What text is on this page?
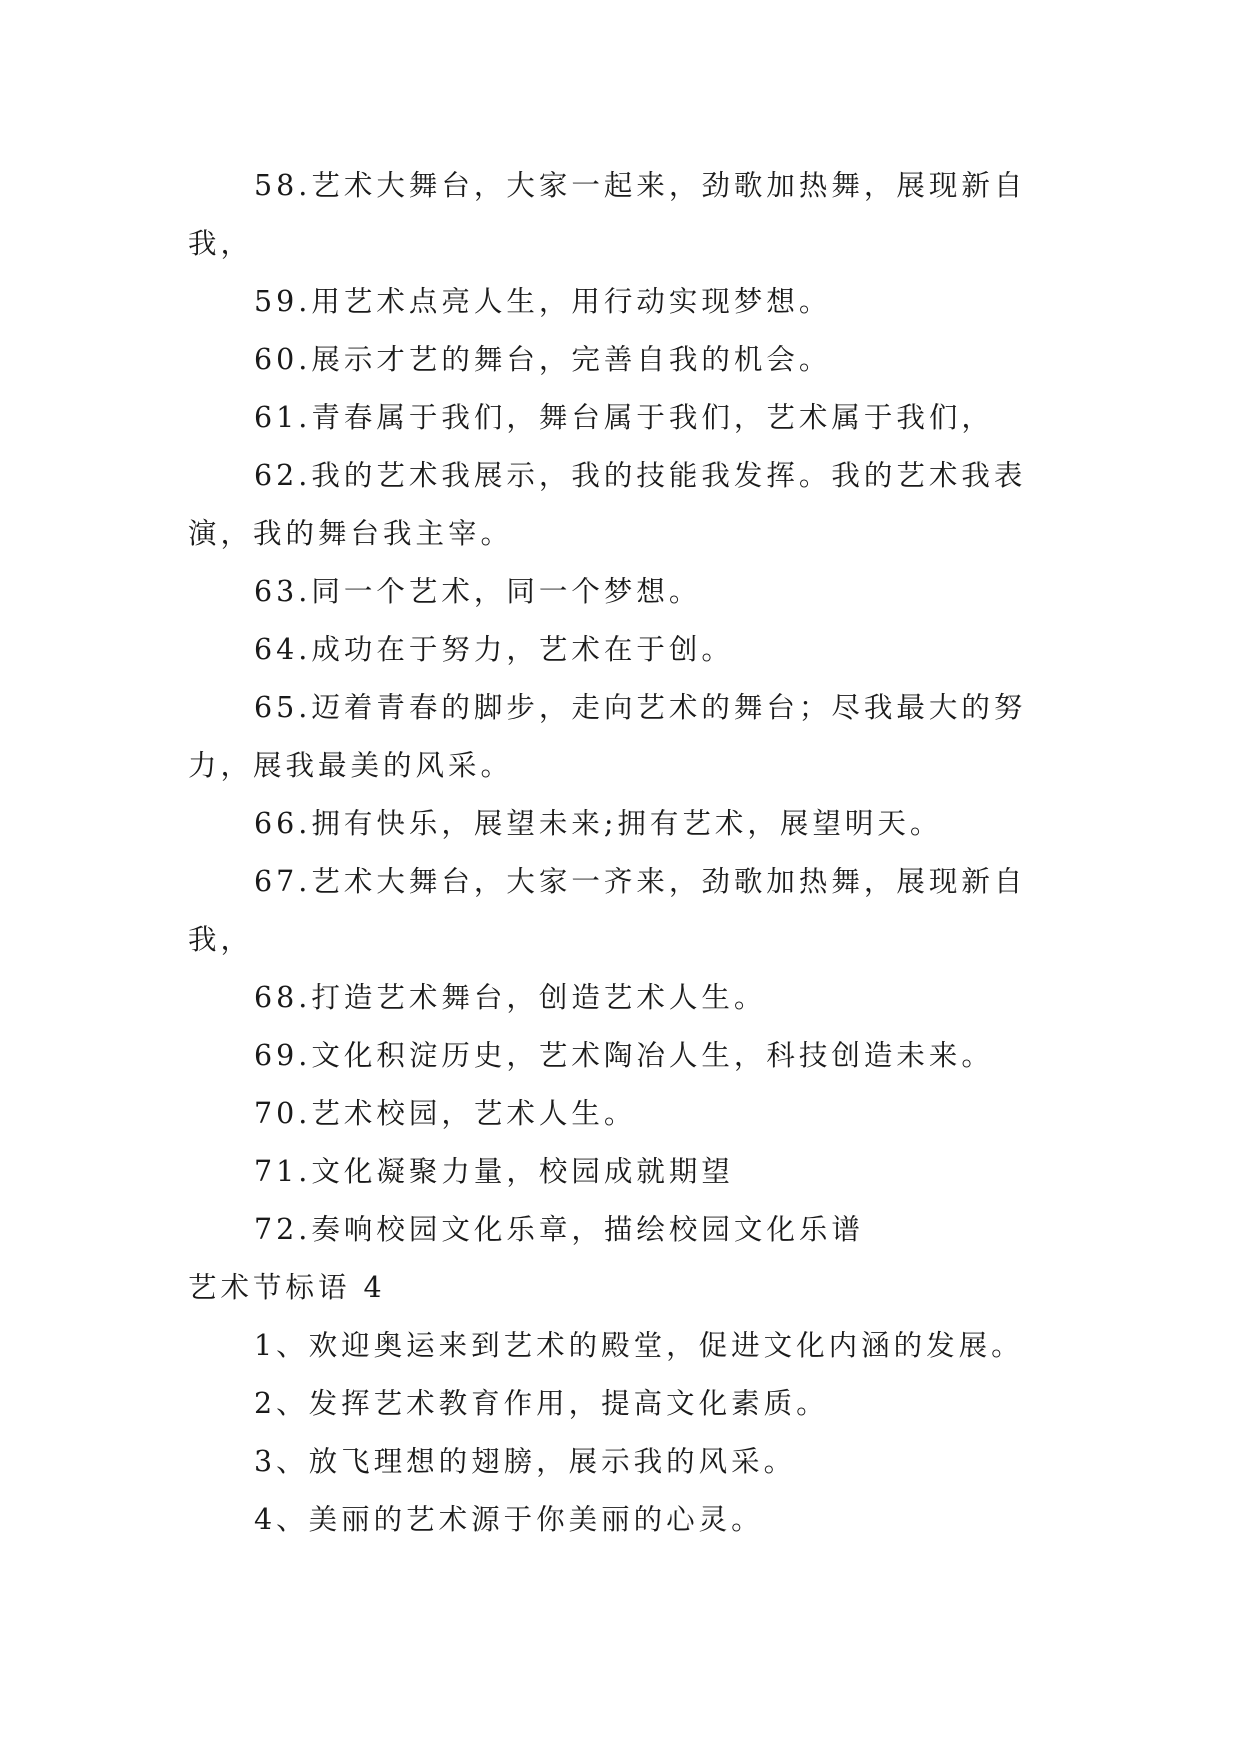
58.艺术大舞台，大家一起来，劲歌加热舞，展现新自我，

59.用艺术点亮人生，用行动实现梦想。

60.展示才艺的舞台，完善自我的机会。

61.青春属于我们，舞台属于我们，艺术属于我们，

62.我的艺术我展示，我的技能我发挥。我的艺术我表演，我的舞台我主宰。

63.同一个艺术，同一个梦想。

64.成功在于努力，艺术在于创。

65.迈着青春的脚步，走向艺术的舞台；尽我最大的努力，展我最美的风采。

66.拥有快乐，展望未来;拥有艺术，展望明天。

67.艺术大舞台，大家一齐来，劲歌加热舞，展现新自我，

68.打造艺术舞台，创造艺术人生。

69.文化积淀历史，艺术陶冶人生，科技创造未来。

70.艺术校园，艺术人生。

71.文化凝聚力量，校园成就期望

72.奏响校园文化乐章，描绘校园文化乐谱

艺术节标语 4

1、欢迎奥运来到艺术的殿堂，促进文化内涵的发展。

2、发挥艺术教育作用，提高文化素质。

3、放飞理想的翅膀，展示我的风采。

4、美丽的艺术源于你美丽的心灵。
